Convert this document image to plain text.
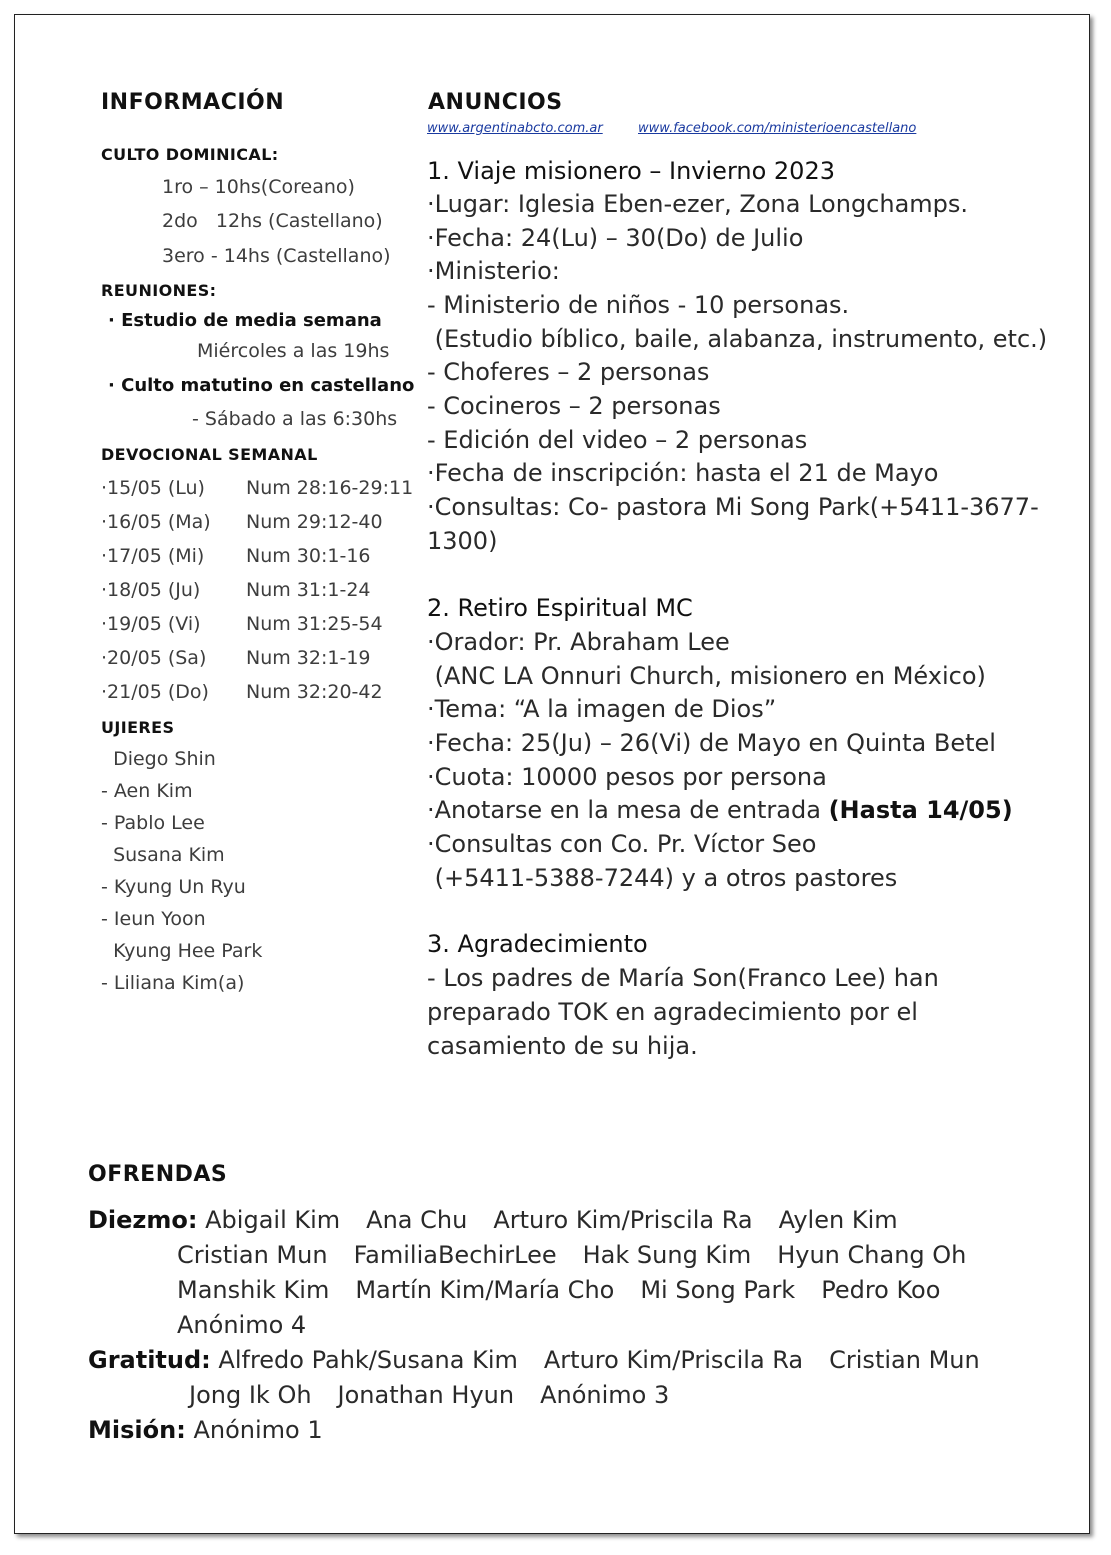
INFORMACIÓN
CULTO DOMINICAL:
1ro – 10hs(Coreano)
2do   12hs (Castellano)
3ero - 14hs (Castellano)
REUNIONES:
· Estudio de media semana
Miércoles a las 19hs
· Culto matutino en castellano
- Sábado a las 6:30hs
DEVOCIONAL SEMANAL
·15/05 (Lu) Num 28:16-29:11
·16/05 (Ma) Num 29:12-40
·17/05 (Mi) Num 30:1-16
·18/05 (Ju) Num 31:1-24
·19/05 (Vi) Num 31:25-54
·20/05 (Sa) Num 32:1-19
·21/05 (Do) Num 32:20-42
UJIERES
Diego Shin
- Aen Kim
- Pablo Lee
Susana Kim
- Kyung Un Ryu
- Ieun Yoon
Kyung Hee Park
- Liliana Kim(a)
ANUNCIOS
www.argentinabcto.com.ar	www.facebook.com/ministerioencastellano
1. Viaje misionero – Invierno 2023
·Lugar: Iglesia Eben-ezer, Zona Longchamps.
·Fecha: 24(Lu) – 30(Do) de Julio
·Ministerio:
- Ministerio de niños - 10 personas.
(Estudio bíblico, baile, alabanza, instrumento, etc.)
- Choferes – 2 personas
- Cocineros – 2 personas
- Edición del video – 2 personas
·Fecha de inscripción: hasta el 21 de Mayo
·Consultas: Co- pastora Mi Song Park(+5411-3677-
1300)
2. Retiro Espiritual MC
·Orador: Pr. Abraham Lee
(ANC LA Onnuri Church, misionero en México)
·Tema: “A la imagen de Dios”
·Fecha: 25(Ju) – 26(Vi) de Mayo en Quinta Betel
·Cuota: 10000 pesos por persona
·Anotarse en la mesa de entrada (Hasta 14/05)
·Consultas con Co. Pr. Víctor Seo
(+5411-5388-7244) y a otros pastores
3. Agradecimiento
- Los padres de María Son(Franco Lee) han
preparado TOK en agradecimiento por el
casamiento de su hija.
OFRENDAS
Diezmo: Abigail Kim Ana Chu Arturo Kim/Priscila Ra Aylen Kim
Cristian Mun FamiliaBechirLee Hak Sung Kim Hyun Chang Oh
Manshik Kim Martín Kim/María Cho Mi Song Park Pedro Koo
Anónimo 4
Gratitud: Alfredo Pahk/Susana Kim Arturo Kim/Priscila Ra Cristian Mun
Jong Ik Oh Jonathan Hyun Anónimo 3
Misión: Anónimo 1
